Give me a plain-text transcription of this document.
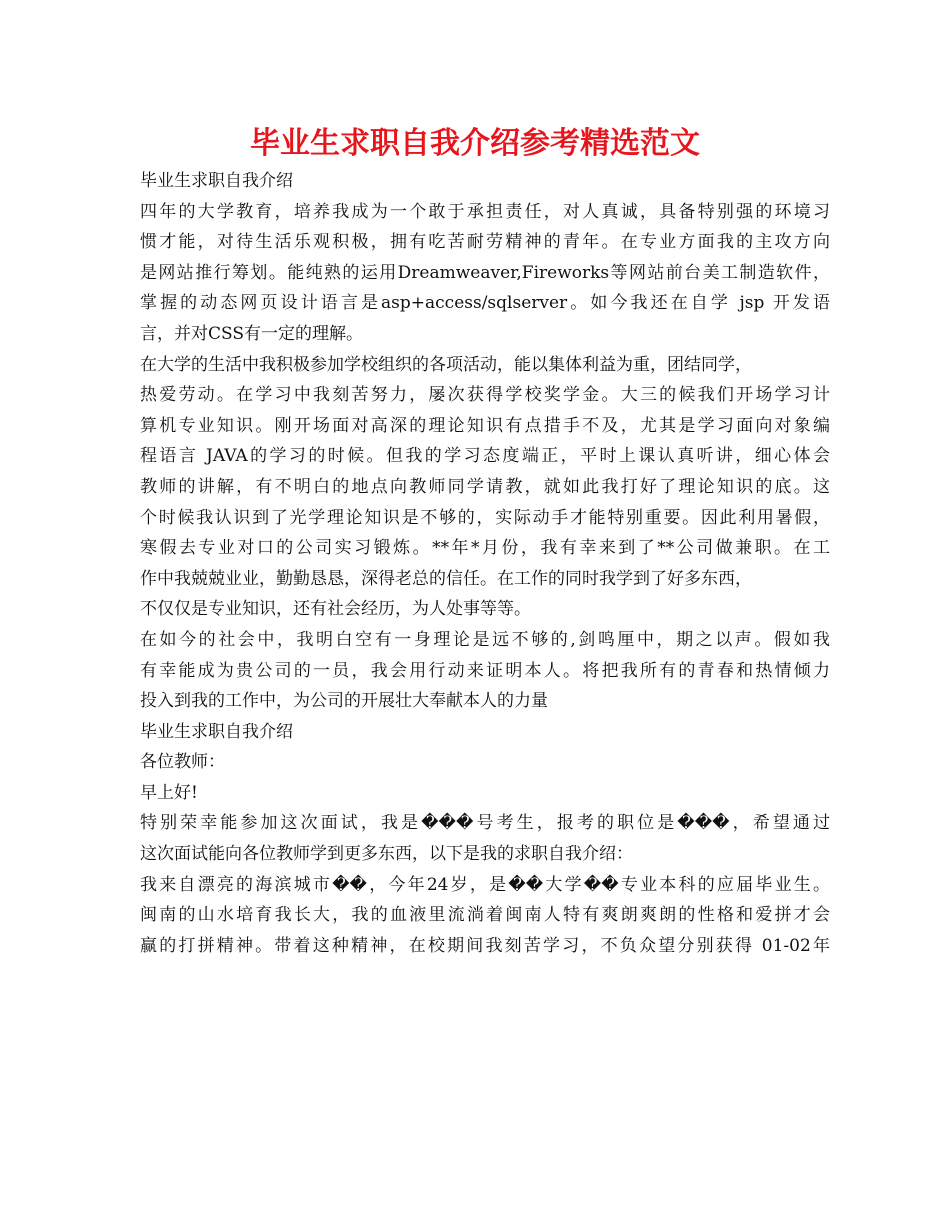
毕业生求职自我介绍参考精选范文
毕业生求职自我介绍
四年的大学教育，培养我成为一个敢于承担责任，对人真诚，具备特别强的环境习
惯才能，对待生活乐观积极，拥有吃苦耐劳精神的青年。在专业方面我的主攻方向
是网站推行筹划。能纯熟的运用Dreamweaver,Fireworks等网站前台美工制造软件，
掌握的动态网页设计语言是asp+access/sqlserver。如今我还在自学 jsp 开发语
言，并对CSS有一定的理解。
在大学的生活中我积极参加学校组织的各项活动，能以集体利益为重，团结同学，
热爱劳动。在学习中我刻苦努力，屡次获得学校奖学金。大三的候我们开场学习计
算机专业知识。刚开场面对高深的理论知识有点措手不及，尤其是学习面向对象编
程语言 JAVA的学习的时候。但我的学习态度端正，平时上课认真听讲，细心体会
教师的讲解，有不明白的地点向教师同学请教，就如此我打好了理论知识的底。这
个时候我认识到了光学理论知识是不够的，实际动手才能特别重要。因此利用暑假，
寒假去专业对口的公司实习锻炼。**年*月份，我有幸来到了**公司做兼职。在工
作中我兢兢业业，勤勤恳恳，深得老总的信任。在工作的同时我学到了好多东西，
不仅仅是专业知识，还有社会经历，为人处事等等。
在如今的社会中，我明白空有一身理论是远不够的,剑鸣厘中，期之以声。假如我
有幸能成为贵公司的一员，我会用行动来证明本人。将把我所有的青春和热情倾力
投入到我的工作中，为公司的开展壮大奉献本人的力量
毕业生求职自我介绍
各位教师：
早上好!
特别荣幸能参加这次面试，我是���号考生，报考的职位是���，希望通过
这次面试能向各位教师学到更多东西，以下是我的求职自我介绍：
我来自漂亮的海滨城市��，今年24岁，是��大学��专业本科的应届毕业生。
闽南的山水培育我长大，我的血液里流淌着闽南人特有爽朗爽朗的性格和爱拼才会
赢的打拼精神。带着这种精神，在校期间我刻苦学习，不负众望分别获得 01-02年
